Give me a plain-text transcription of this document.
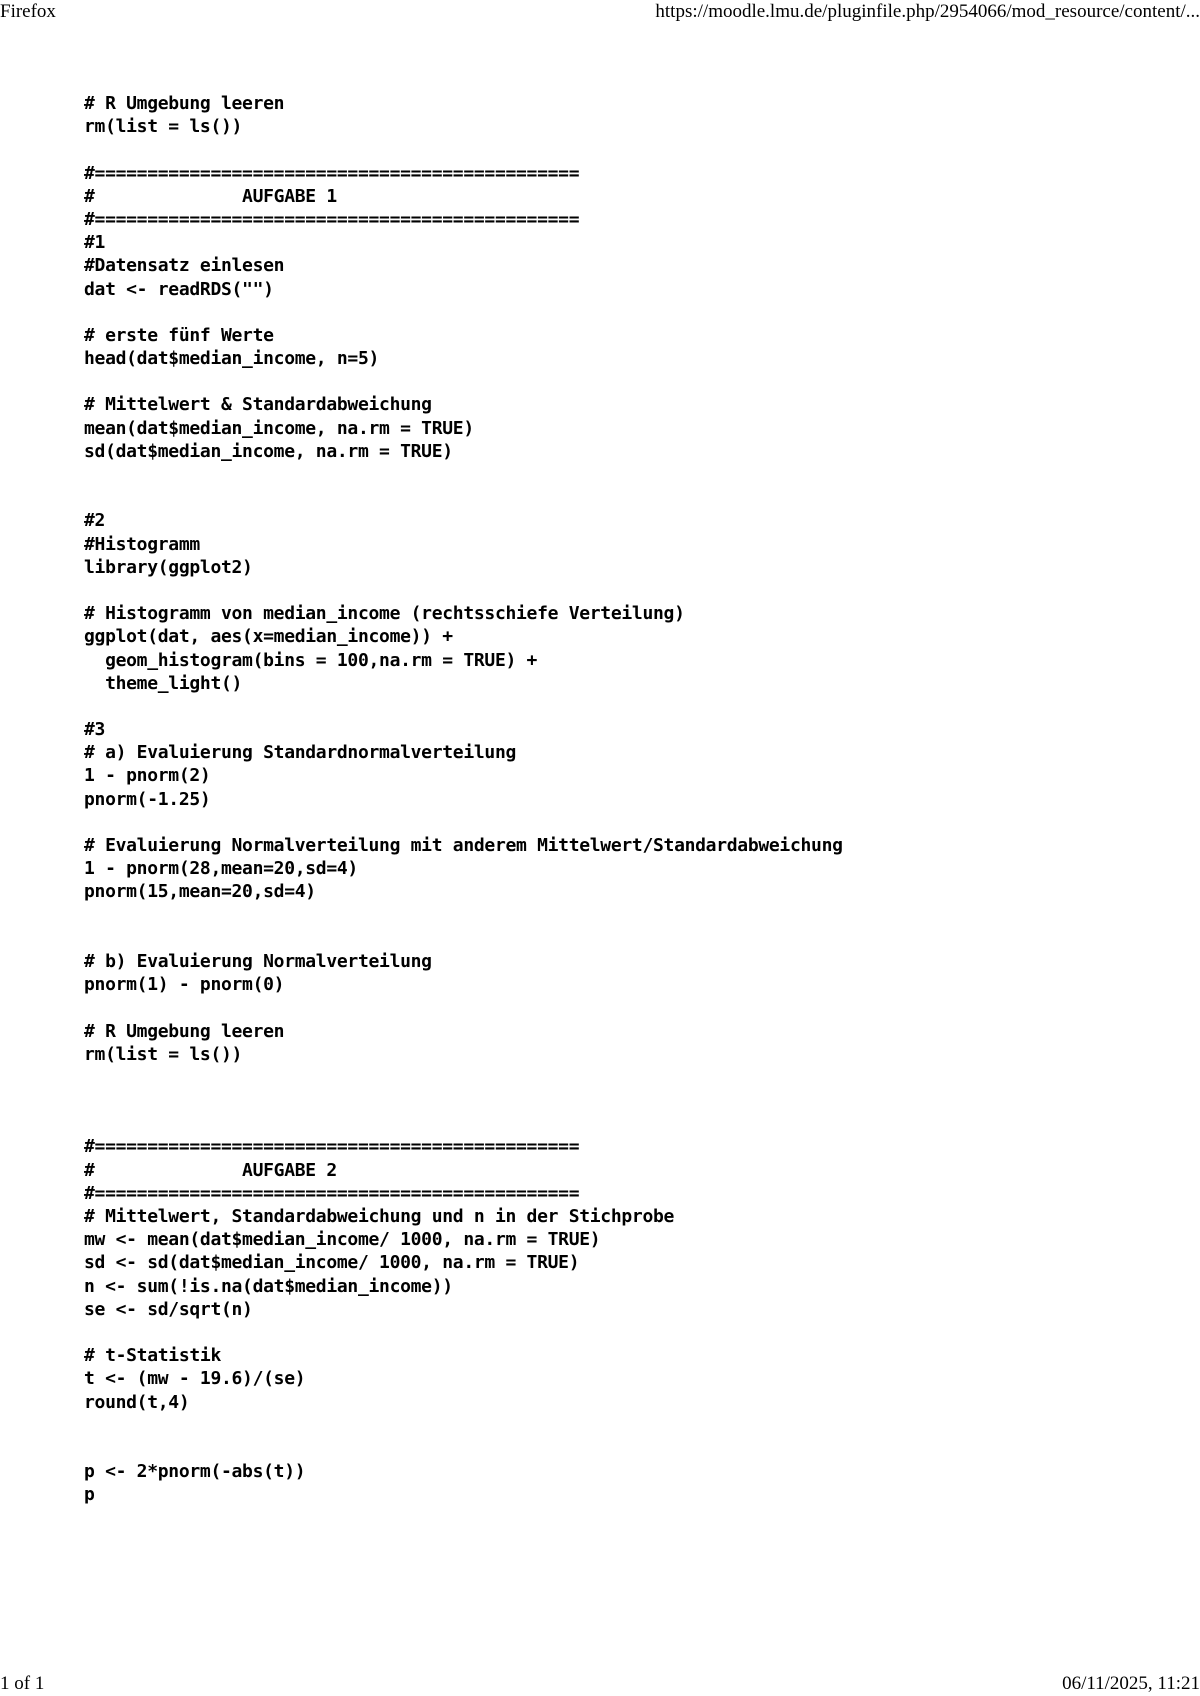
Firefox	https://moodle.lmu.de/pluginfile.php/2954066/mod_resource/content/...
# R Umgebung leeren
rm(list = ls())
#==============================================
#              AUFGABE 1
#==============================================
#1
#Datensatz einlesen
dat <- readRDS("")
# erste fünf Werte
head(dat$median_income, n=5)
# Mittelwert & Standardabweichung
mean(dat$median_income, na.rm = TRUE)
sd(dat$median_income, na.rm = TRUE)
#2
#Histogramm
library(ggplot2)
# Histogramm von median_income (rechtsschiefe Verteilung)
ggplot(dat, aes(x=median_income)) +
geom_histogram(bins = 100,na.rm = TRUE) +
theme_light()
#3
# a) Evaluierung Standardnormalverteilung
1 - pnorm(2)
pnorm(-1.25)
# Evaluierung Normalverteilung mit anderem Mittelwert/Standardabweichung
1 - pnorm(28,mean=20,sd=4)
pnorm(15,mean=20,sd=4)
# b) Evaluierung Normalverteilung
pnorm(1) - pnorm(0)
# R Umgebung leeren
rm(list = ls())
#==============================================
#              AUFGABE 2
#==============================================
# Mittelwert, Standardabweichung und n in der Stichprobe
mw <- mean(dat$median_income/ 1000, na.rm = TRUE)
sd <- sd(dat$median_income/ 1000, na.rm = TRUE)
n <- sum(!is.na(dat$median_income))
se <- sd/sqrt(n)
# t-Statistik
t <- (mw - 19.6)/(se)
round(t,4)
p <- 2*pnorm(-abs(t))
p
1 of 1	06/11/2025, 11:21
